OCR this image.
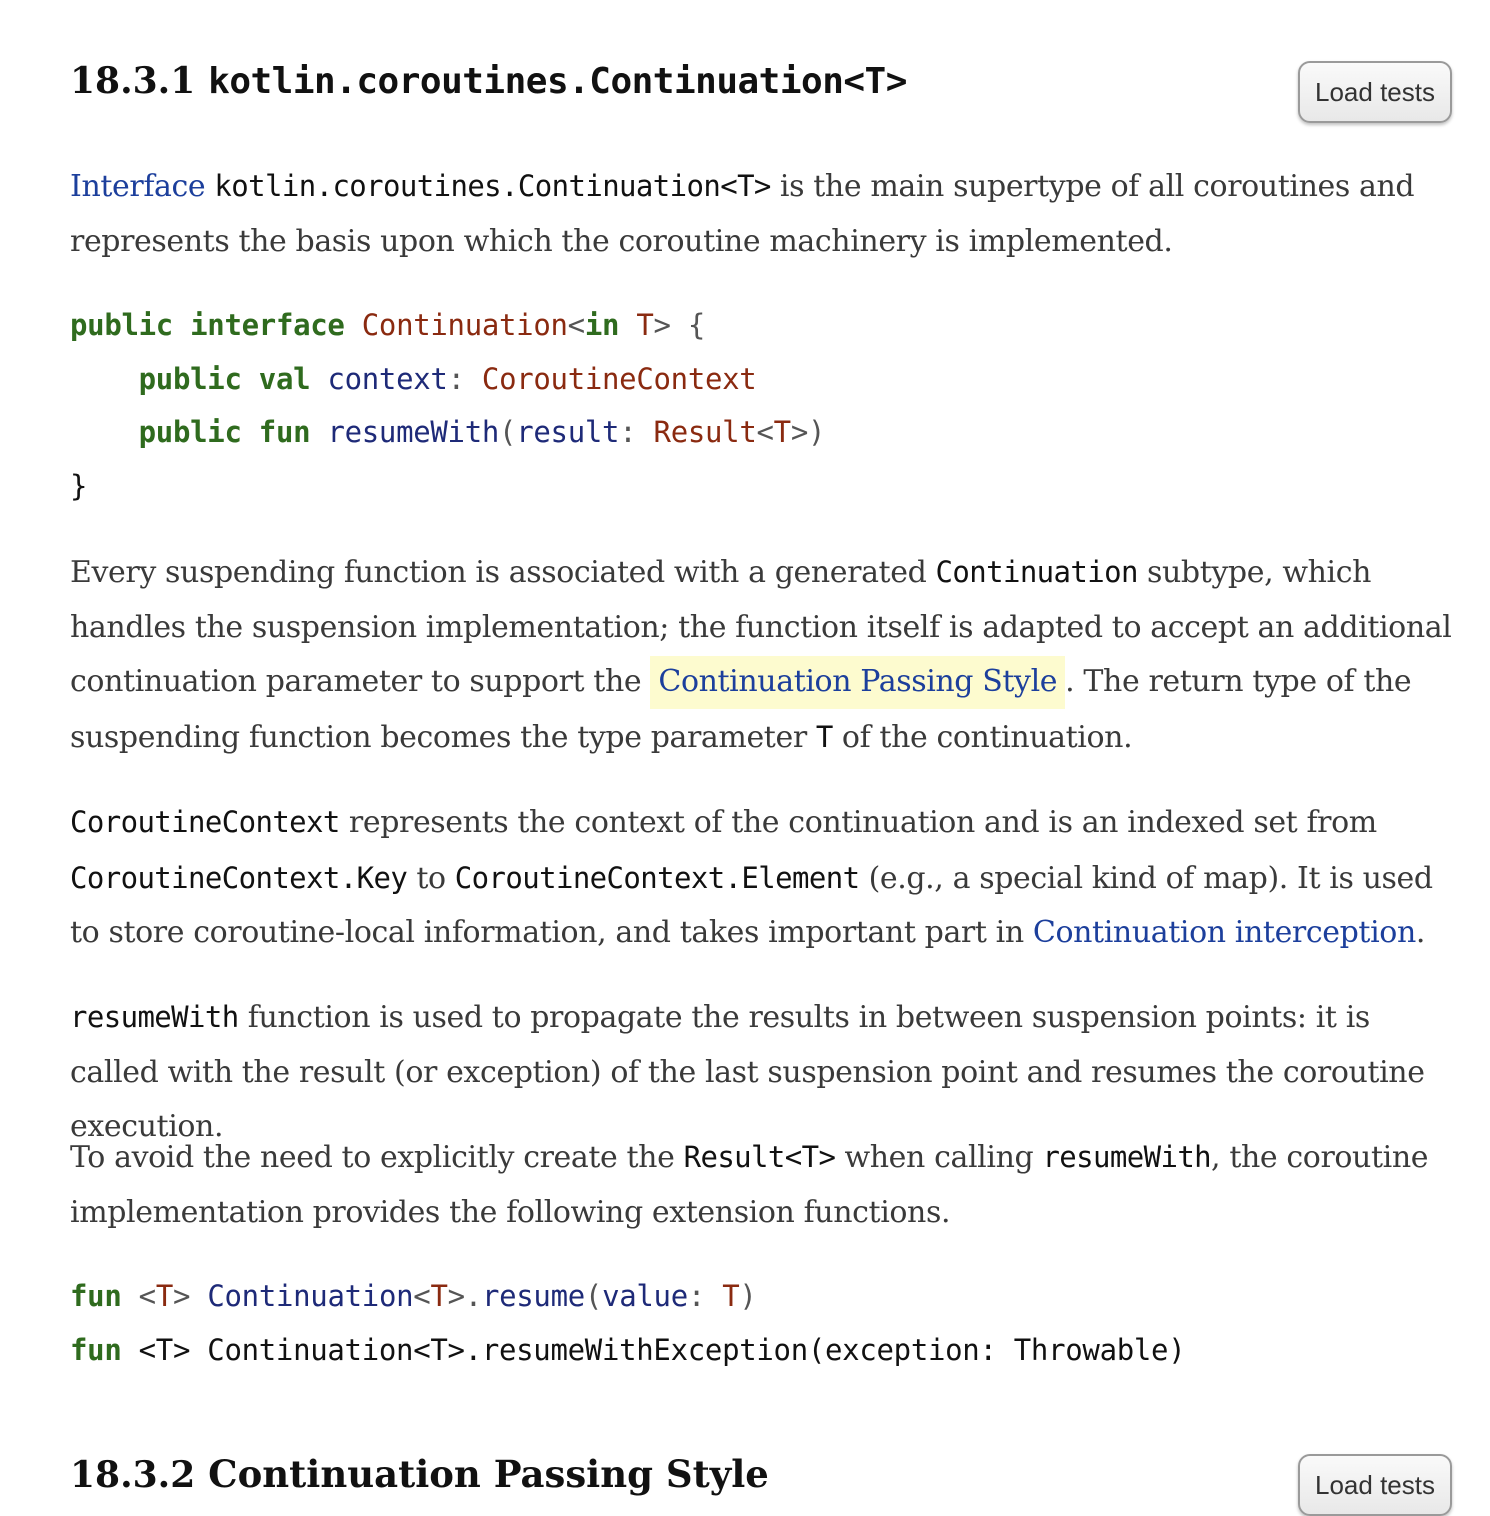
18.3.1 kotlin.coroutines.Continuation<T>	Load tests

Interface kotlin.coroutines.Continuation<T> is the main supertype of all coroutines and represents the basis upon which the coroutine machinery is implemented.

public interface Continuation<in T> {
public val context: CoroutineContext
public fun resumeWith(result: Result<T>)
}

Every suspending function is associated with a generated Continuation subtype, which handles the suspension implementation; the function itself is adapted to accept an additional continuation parameter to support the Continuation Passing Style . The return type of the suspending function becomes the type parameter T of the continuation.

CoroutineContext represents the context of the continuation and is an indexed set from CoroutineContext.Key to CoroutineContext.Element (e.g., a special kind of map). It is used to store coroutine-local information, and takes important part in Continuation interception.

resumeWith function is used to propagate the results in between suspension points: it is called with the result (or exception) of the last suspension point and resumes the coroutine execution.

To avoid the need to explicitly create the Result<T> when calling resumeWith, the coroutine implementation provides the following extension functions.

fun <T> Continuation<T>.resume(value: T)
fun <T> Continuation<T>.resumeWithException(exception: Throwable)
18.3.2 Continuation Passing Style	Load tests
